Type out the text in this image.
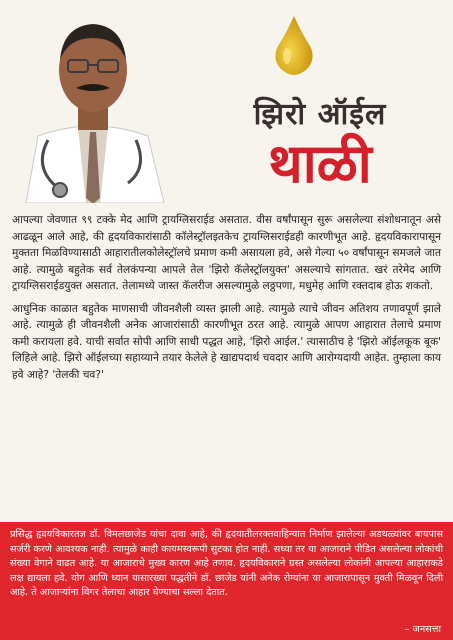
झिरो ऑईल
थाळी

आपल्या जेवणात ९९ टक्के मेद आणि ट्रायग्लिसराईड असतात. वीस वर्षांपासून सुरू असलेल्या संशोधनातून असे आढळून आले आहे, की हृदयविकारांसाठी कॉलेस्ट्रॉलइतकेच ट्रायग्लिसराईडही कारणीभूत आहे. हृदयविकारापासून मुक्तता मिळविण्यासाठी आहारातीलकोलेस्ट्रॉलचे प्रमाण कमी असायला हवे, असे गेल्या ५० वर्षांपासून समजले जात आहे. त्यामुळे बहुतेक सर्व तेलकंपन्या आपले तेल 'झिरो कॅलेस्ट्रॉलयुक्त' असल्याचे सांगतात. खरं तरेमेद आणि ट्रायग्लिसराईडयुक्त असतात. तेलामध्ये जास्त कॅलरीज असल्यामुळे लठ्ठपणा, मधुमेह आणि रक्तदाब होऊ शकतो.

आधुनिक काळात बहुतेक माणसाची जीवनशैली व्यस्त झाली आहे. त्यामुळे त्याचे जीवन अतिशय तणावपूर्ण झाले आहे. त्यामुळे ही जीवनशैली अनेक आजारांसाठी कारणीभूत ठरत आहे. त्यामुळे आपण आहारात तेलाचे प्रमाण कमी करायला हवे. याची सर्वात सोपी आणि साधी पद्धत आहे, 'झिरो आईल.' त्यासाठीच हे 'झिरो ऑईलकूक बूक' लिहिले आहे. झिरो ऑईलच्या सहाय्याने तयार केलेले हे खाद्यपदार्थ चवदार आणि आरोग्यदायी आहेत. तुम्हाला काय हवे आहे? 'तेलकी चव?'

प्रसिद्ध हृदयविकारतज्ञ डॉ. विमलछाजेड यांचा दावा आहे, की हृदयातीलरक्तवाहिन्यात निर्माण झालेल्या अडथळ्यांवर बायपास सर्जरी करणे आवश्यक नाही. त्यामुळे काही कायमस्वरूपी सुटका होत नाही. सध्या तर या आजाराने पीडित असलेल्या लोकांची संख्या वेगाने वाढत आहे. या आजाराचे मुख्य कारण आहे तणाव. हृदयविकाराने ग्रस्त असलेल्या लोकांनी आपल्या आहाराकडे लक्ष द्यायला हवे. योग आणि ध्यान यासारख्या पद्धतीने डॉ. छाजेड यांनी अनेक रोग्यांना या आजारापासून मुक्ती मिळवून दिली आहे. ते आजाऱ्यांना विगर तेलाचा आहार घेण्याचा सल्ला देतात.
– जनसत्ता
